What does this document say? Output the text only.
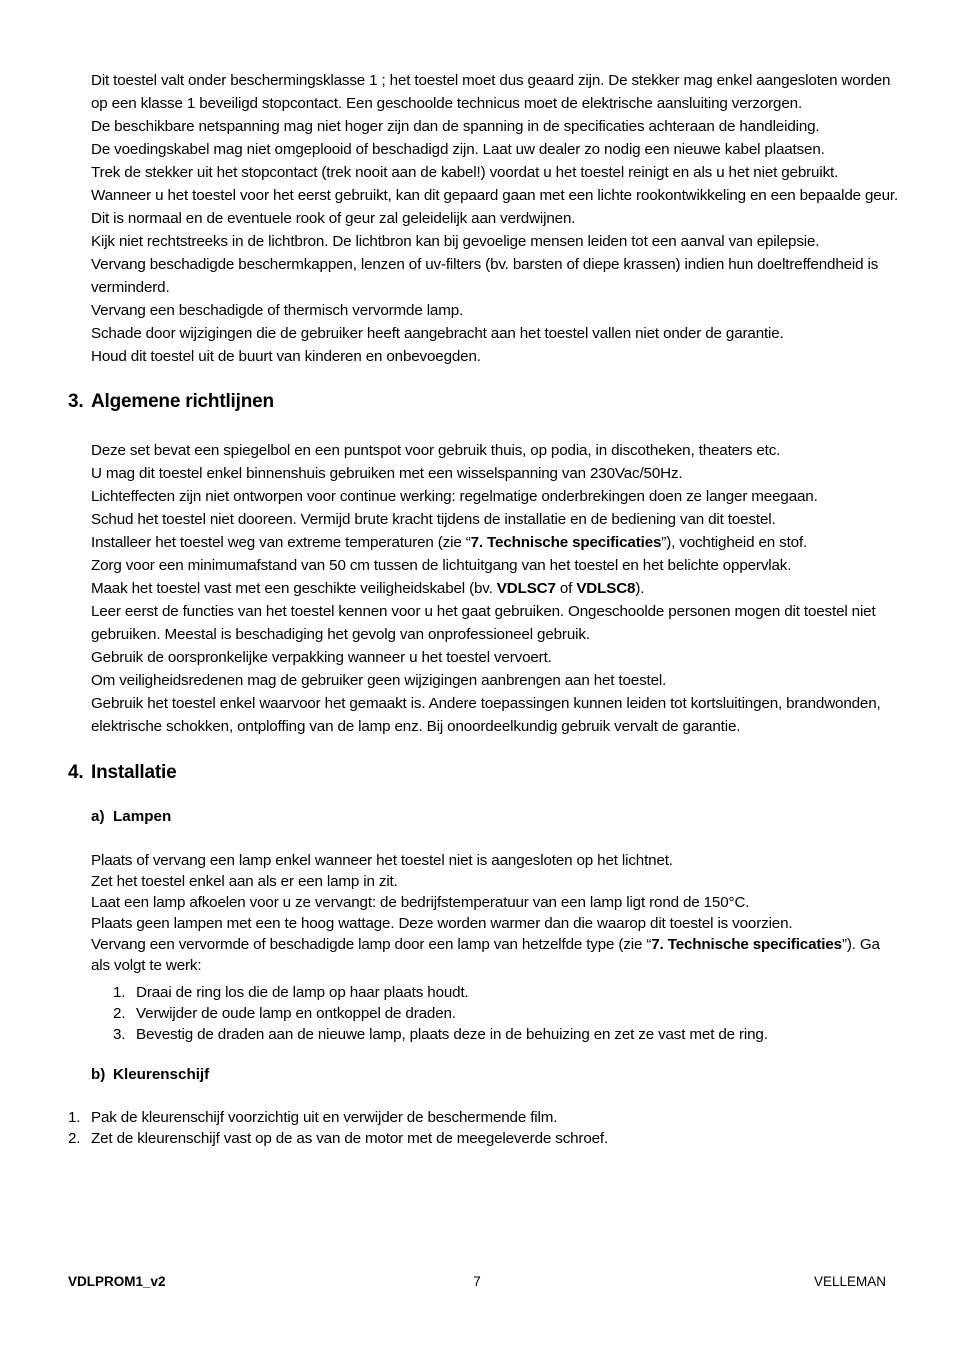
Dit toestel valt onder beschermingsklasse 1 ; het toestel moet dus geaard zijn. De stekker mag enkel aangesloten worden op een klasse 1 beveiligd stopcontact. Een geschoolde technicus moet de elektrische aansluiting verzorgen.

De beschikbare netspanning mag niet hoger zijn dan de spanning in de specificaties achteraan de handleiding.

De voedingskabel mag niet omgeplooid of beschadigd zijn. Laat uw dealer zo nodig een nieuwe kabel plaatsen.

Trek de stekker uit het stopcontact (trek nooit aan de kabel!) voordat u het toestel reinigt en als u het niet gebruikt.

Wanneer u het toestel voor het eerst gebruikt, kan dit gepaard gaan met een lichte rookontwikkeling en een bepaalde geur. Dit is normaal en de eventuele rook of geur zal geleidelijk aan verdwijnen.

Kijk niet rechtstreeks in de lichtbron. De lichtbron kan bij gevoelige mensen leiden tot een aanval van epilepsie.

Vervang beschadigde beschermkappen, lenzen of uv-filters (bv. barsten of diepe krassen) indien hun doeltreffendheid is verminderd.

Vervang een beschadigde of thermisch vervormde lamp.

Schade door wijzigingen die de gebruiker heeft aangebracht aan het toestel vallen niet onder de garantie.

Houd dit toestel uit de buurt van kinderen en onbevoegden.

3. Algemene richtlijnen

Deze set bevat een spiegelbol en een puntspot voor gebruik thuis, op podia, in discotheken, theaters etc.

U mag dit toestel enkel binnenshuis gebruiken met een wisselspanning van 230Vac/50Hz.

Lichteffecten zijn niet ontworpen voor continue werking: regelmatige onderbrekingen doen ze langer meegaan.

Schud het toestel niet dooreen. Vermijd brute kracht tijdens de installatie en de bediening van dit toestel.

Installeer het toestel weg van extreme temperaturen (zie “7. Technische specificaties”), vochtigheid en stof.

Zorg voor een minimumafstand van 50 cm tussen de lichtuitgang van het toestel en het belichte oppervlak.

Maak het toestel vast met een geschikte veiligheidskabel (bv. VDLSC7 of VDLSC8).

Leer eerst de functies van het toestel kennen voor u het gaat gebruiken. Ongeschoolde personen mogen dit toestel niet gebruiken. Meestal is beschadiging het gevolg van onprofessioneel gebruik.

Gebruik de oorspronkelijke verpakking wanneer u het toestel vervoert.

Om veiligheidsredenen mag de gebruiker geen wijzigingen aanbrengen aan het toestel.

Gebruik het toestel enkel waarvoor het gemaakt is. Andere toepassingen kunnen leiden tot kortsluitingen, brandwonden, elektrische schokken, ontploffing van de lamp enz. Bij onoordeelkundig gebruik vervalt de garantie.

4. Installatie
a) Lampen

Plaats of vervang een lamp enkel wanneer het toestel niet is aangesloten op het lichtnet.

Zet het toestel enkel aan als er een lamp in zit.

Laat een lamp afkoelen voor u ze vervangt: de bedrijfstemperatuur van een lamp ligt rond de 150°C.

Plaats geen lampen met een te hoog wattage. Deze worden warmer dan die waarop dit toestel is voorzien.

Vervang een vervormde of beschadigde lamp door een lamp van hetzelfde type (zie “7. Technische specificaties”). Ga als volgt te werk:

1. Draai de ring los die de lamp op haar plaats houdt.
2. Verwijder de oude lamp en ontkoppel de draden.
3. Bevestig de draden aan de nieuwe lamp, plaats deze in de behuizing en zet ze vast met de ring.
b) Kleurenschijf
1. Pak de kleurenschijf voorzichtig uit en verwijder de beschermende film.
2. Zet de kleurenschijf vast op de as van de motor met de meegeleverde schroef.
VDLPROM1_v2	7	VELLEMAN
